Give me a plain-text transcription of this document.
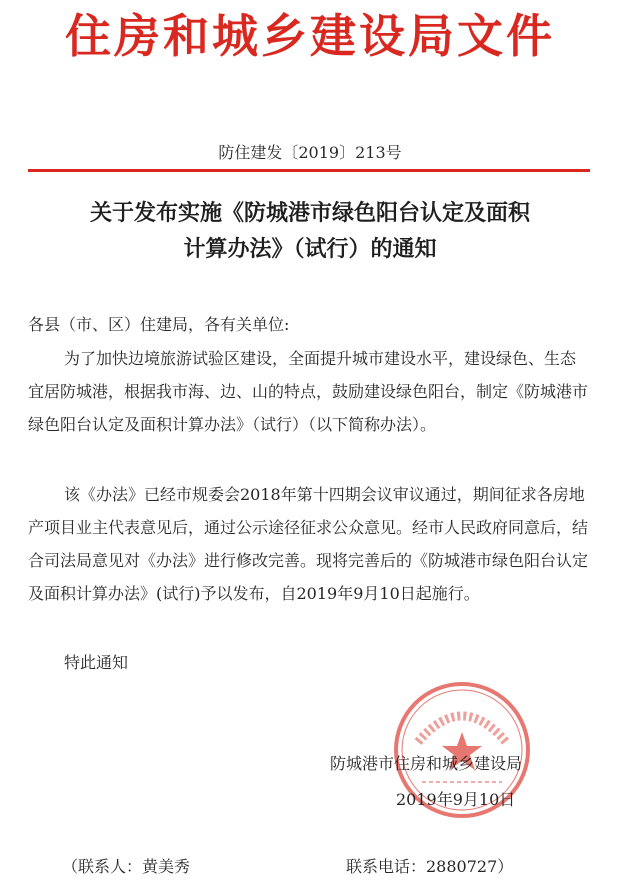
住房和城乡建设局文件
防住建发〔2019〕213号
关于发布实施《防城港市绿色阳台认定及面积
计算办法》（试行）的通知
各县（市、区）住建局，各有关单位:
为了加快边境旅游试验区建设，全面提升城市建设水平，建设绿色、生态宜居防城港，根据我市海、边、山的特点，鼓励建设绿色阳台，制定《防城港市绿色阳台认定及面积计算办法》（试行）（以下简称办法）。
该《办法》已经市规委会2018年第十四期会议审议通过，期间征求各房地产项目业主代表意见后，通过公示途径征求公众意见。经市人民政府同意后，结合司法局意见对《办法》进行修改完善。现将完善后的《防城港市绿色阳台认定及面积计算办法》(试行)予以发布，自2019年9月10日起施行。
特此通知
防城港市住房和城乡建设局
2019年9月10日
（联系人：黄美秀	联系电话：2880727）
